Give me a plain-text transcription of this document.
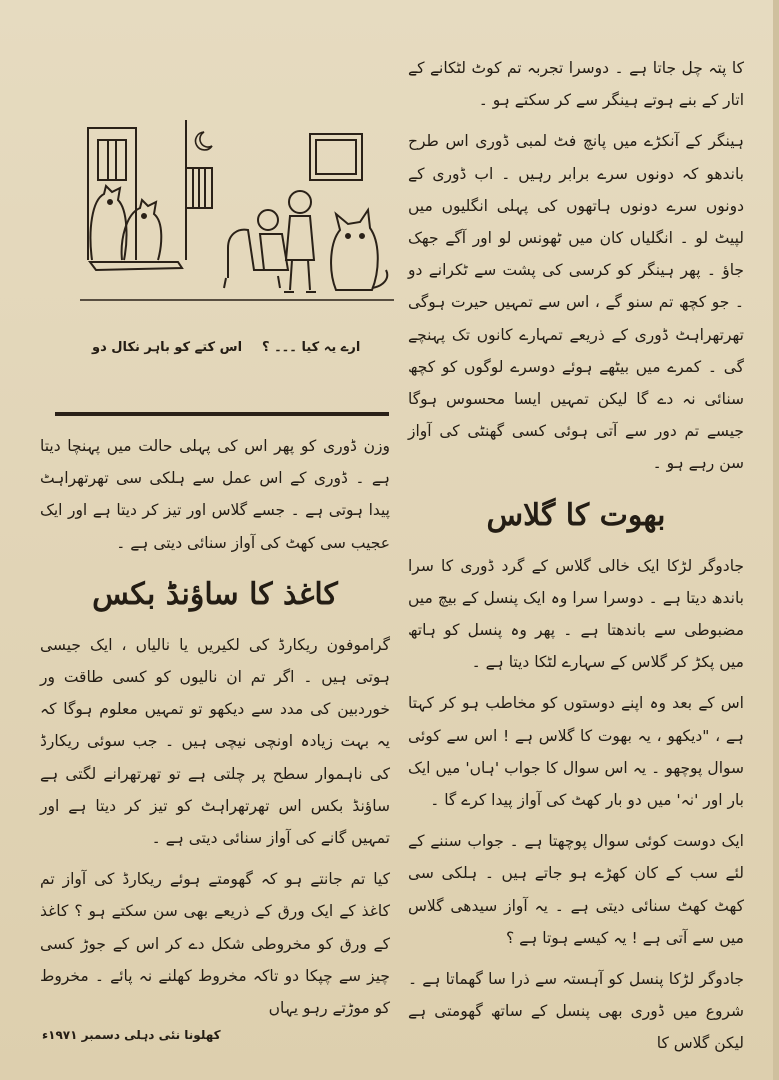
کا پتہ چل جاتا ہے ۔ دوسرا تجربہ تم کوٹ لٹکانے کے اتار کے بنے ہوتے ہینگر سے کر سکتے ہو ۔

ہینگر کے آنکڑے میں پانچ فٹ لمبی ڈوری اس طرح باندھو کہ دونوں سرے برابر رہیں ۔ اب ڈوری کے دونوں سرے دونوں ہاتھوں کی پہلی انگلیوں میں لپیٹ لو ۔ انگلیاں کان میں ٹھونس لو اور آگے جھک جاؤ ۔ پھر ہینگر کو کرسی کی پشت سے ٹکرانے دو ۔ جو کچھ تم سنو گے ، اس سے تمہیں حیرت ہوگی تھرتھراہٹ ڈوری کے ذریعے تمہارے کانوں تک پہنچے گی ۔ کمرے میں بیٹھے ہوئے دوسرے لوگوں کو کچھ سنائی نہ دے گا لیکن تمہیں ایسا محسوس ہوگا جیسے تم دور سے آتی ہوئی کسی گھنٹی کی آواز سن رہے ہو ۔

بھوت کا گلاس

جادوگر لڑکا ایک خالی گلاس کے گرد ڈوری کا سرا باندھ دیتا ہے ۔ دوسرا سرا وہ ایک پنسل کے بیچ میں مضبوطی سے باندھتا ہے ۔ پھر وہ پنسل کو ہاتھ میں پکڑ کر گلاس کے سہارے لٹکا دیتا ہے ۔

اس کے بعد وہ اپنے دوستوں کو مخاطب ہو کر کہتا ہے ، "دیکھو ، یہ بھوت کا گلاس ہے ! اس سے کوئی سوال پوچھو ۔ یہ اس سوال کا جواب 'ہاں' میں ایک بار اور 'نہ' میں دو بار کھٹ کی آواز پیدا کرے گا ۔

ایک دوست کوئی سوال پوچھتا ہے ۔ جواب سننے کے لئے سب کے کان کھڑے ہو جاتے ہیں ۔ ہلکی سی کھٹ کھٹ سنائی دیتی ہے ۔ یہ آواز سیدھی گلاس میں سے آتی ہے ! یہ کیسے ہوتا ہے ؟

جادوگر لڑکا پنسل کو آہستہ سے ذرا سا گھماتا ہے ۔ شروع میں ڈوری بھی پنسل کے ساتھ گھومتی ہے لیکن گلاس کا

اس کتے کو باہر نکال دو ارے یہ کیا ۔۔۔ ؟

وزن ڈوری کو پھر اس کی پہلی حالت میں پہنچا دیتا ہے ۔ ڈوری کے اس عمل سے ہلکی سی تھرتھراہٹ پیدا ہوتی ہے ۔ جسے گلاس اور تیز کر دیتا ہے اور ایک عجیب سی کھٹ کی آواز سنائی دیتی ہے ۔

کاغذ کا ساؤنڈ بکس

گراموفون ریکارڈ کی لکیریں یا نالیاں ، ایک جیسی ہوتی ہیں ۔ اگر تم ان نالیوں کو کسی طاقت ور خوردبین کی مدد سے دیکھو تو تمہیں معلوم ہوگا کہ یہ بہت زیادہ اونچی نیچی ہیں ۔ جب سوئی ریکارڈ کی ناہموار سطح پر چلتی ہے تو تھرتھرانے لگتی ہے ساؤنڈ بکس اس تھرتھراہٹ کو تیز کر دیتا ہے اور تمہیں گانے کی آواز سنائی دیتی ہے ۔

کیا تم جانتے ہو کہ گھومتے ہوئے ریکارڈ کی آواز تم کاغذ کے ایک ورق کے ذریعے بھی سن سکتے ہو ؟ کاغذ کے ورق کو مخروطی شکل دے کر اس کے جوڑ کسی چیز سے چپکا دو تاکہ مخروط کھلنے نہ پائے ۔ مخروط کو موڑتے رہو یہاں

کھلونا نئی دہلی دسمبر ۱۹۷۱ء
